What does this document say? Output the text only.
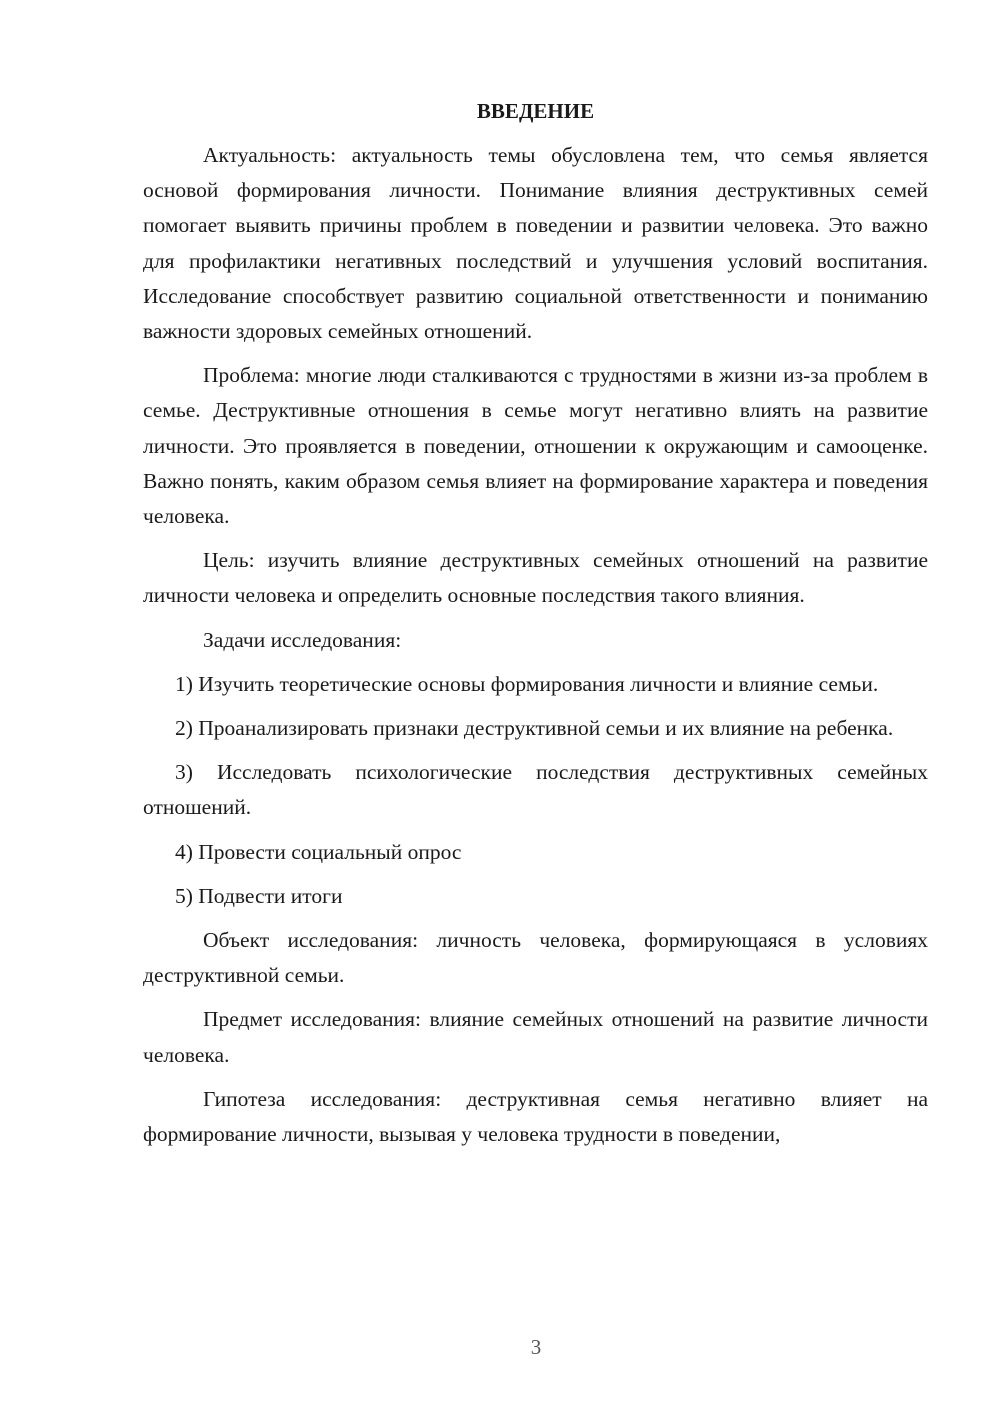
ВВЕДЕНИЕ

Актуальность: актуальность темы обусловлена тем, что семья является основой формирования личности. Понимание влияния деструктивных семей помогает выявить причины проблем в поведении и развитии человека. Это важно для профилактики негативных последствий и улучшения условий воспитания. Исследование способствует развитию социальной ответственности и пониманию важности здоровых семейных отношений.

Проблема: многие люди сталкиваются с трудностями в жизни из-за проблем в семье. Деструктивные отношения в семье могут негативно влиять на развитие личности. Это проявляется в поведении, отношении к окружающим и самооценке. Важно понять, каким образом семья влияет на формирование характера и поведения человека.

Цель: изучить влияние деструктивных семейных отношений на развитие личности человека и определить основные последствия такого влияния.

Задачи исследования:

1) Изучить теоретические основы формирования личности и влияние семьи.

2) Проанализировать признаки деструктивной семьи и их влияние на ребенка.

3) Исследовать психологические последствия деструктивных семейных отношений.

4) Провести социальный опрос

5) Подвести итоги

Объект исследования: личность человека, формирующаяся в условиях деструктивной семьи.

Предмет исследования: влияние семейных отношений на развитие личности человека.

Гипотеза исследования: деструктивная семья негативно влияет на формирование личности, вызывая у человека трудности в поведении,

3
